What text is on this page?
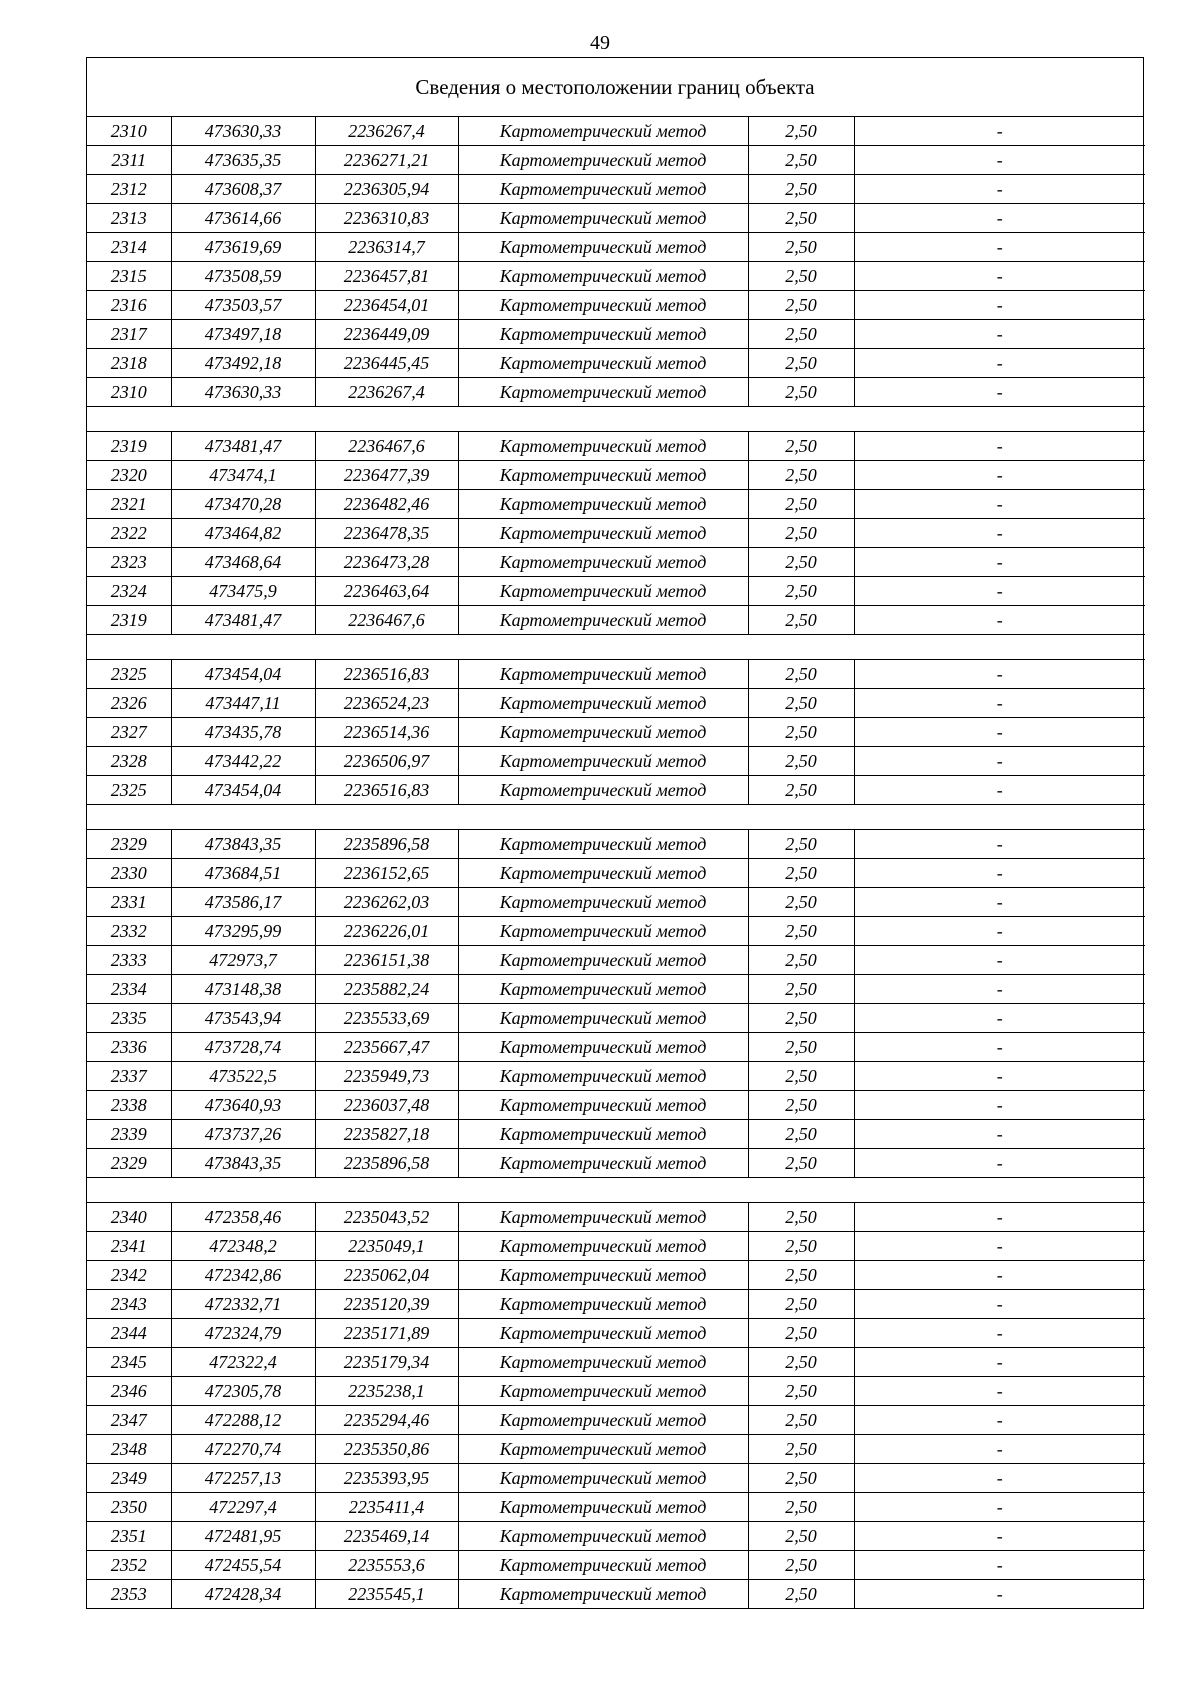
49
Сведения о местоположении границ объекта
2310	473630,33	2236267,4	Картометрический метод	2,50	-
2311	473635,35	2236271,21	Картометрический метод	2,50	-
2312	473608,37	2236305,94	Картометрический метод	2,50	-
2313	473614,66	2236310,83	Картометрический метод	2,50	-
2314	473619,69	2236314,7	Картометрический метод	2,50	-
2315	473508,59	2236457,81	Картометрический метод	2,50	-
2316	473503,57	2236454,01	Картометрический метод	2,50	-
2317	473497,18	2236449,09	Картометрический метод	2,50	-
2318	473492,18	2236445,45	Картометрический метод	2,50	-
2310	473630,33	2236267,4	Картометрический метод	2,50	-

2319	473481,47	2236467,6	Картометрический метод	2,50	-
2320	473474,1	2236477,39	Картометрический метод	2,50	-
2321	473470,28	2236482,46	Картометрический метод	2,50	-
2322	473464,82	2236478,35	Картометрический метод	2,50	-
2323	473468,64	2236473,28	Картометрический метод	2,50	-
2324	473475,9	2236463,64	Картометрический метод	2,50	-
2319	473481,47	2236467,6	Картометрический метод	2,50	-

2325	473454,04	2236516,83	Картометрический метод	2,50	-
2326	473447,11	2236524,23	Картометрический метод	2,50	-
2327	473435,78	2236514,36	Картометрический метод	2,50	-
2328	473442,22	2236506,97	Картометрический метод	2,50	-
2325	473454,04	2236516,83	Картометрический метод	2,50	-

2329	473843,35	2235896,58	Картометрический метод	2,50	-
2330	473684,51	2236152,65	Картометрический метод	2,50	-
2331	473586,17	2236262,03	Картометрический метод	2,50	-
2332	473295,99	2236226,01	Картометрический метод	2,50	-
2333	472973,7	2236151,38	Картометрический метод	2,50	-
2334	473148,38	2235882,24	Картометрический метод	2,50	-
2335	473543,94	2235533,69	Картометрический метод	2,50	-
2336	473728,74	2235667,47	Картометрический метод	2,50	-
2337	473522,5	2235949,73	Картометрический метод	2,50	-
2338	473640,93	2236037,48	Картометрический метод	2,50	-
2339	473737,26	2235827,18	Картометрический метод	2,50	-
2329	473843,35	2235896,58	Картометрический метод	2,50	-

2340	472358,46	2235043,52	Картометрический метод	2,50	-
2341	472348,2	2235049,1	Картометрический метод	2,50	-
2342	472342,86	2235062,04	Картометрический метод	2,50	-
2343	472332,71	2235120,39	Картометрический метод	2,50	-
2344	472324,79	2235171,89	Картометрический метод	2,50	-
2345	472322,4	2235179,34	Картометрический метод	2,50	-
2346	472305,78	2235238,1	Картометрический метод	2,50	-
2347	472288,12	2235294,46	Картометрический метод	2,50	-
2348	472270,74	2235350,86	Картометрический метод	2,50	-
2349	472257,13	2235393,95	Картометрический метод	2,50	-
2350	472297,4	2235411,4	Картометрический метод	2,50	-
2351	472481,95	2235469,14	Картометрический метод	2,50	-
2352	472455,54	2235553,6	Картометрический метод	2,50	-
2353	472428,34	2235545,1	Картометрический метод	2,50	-
